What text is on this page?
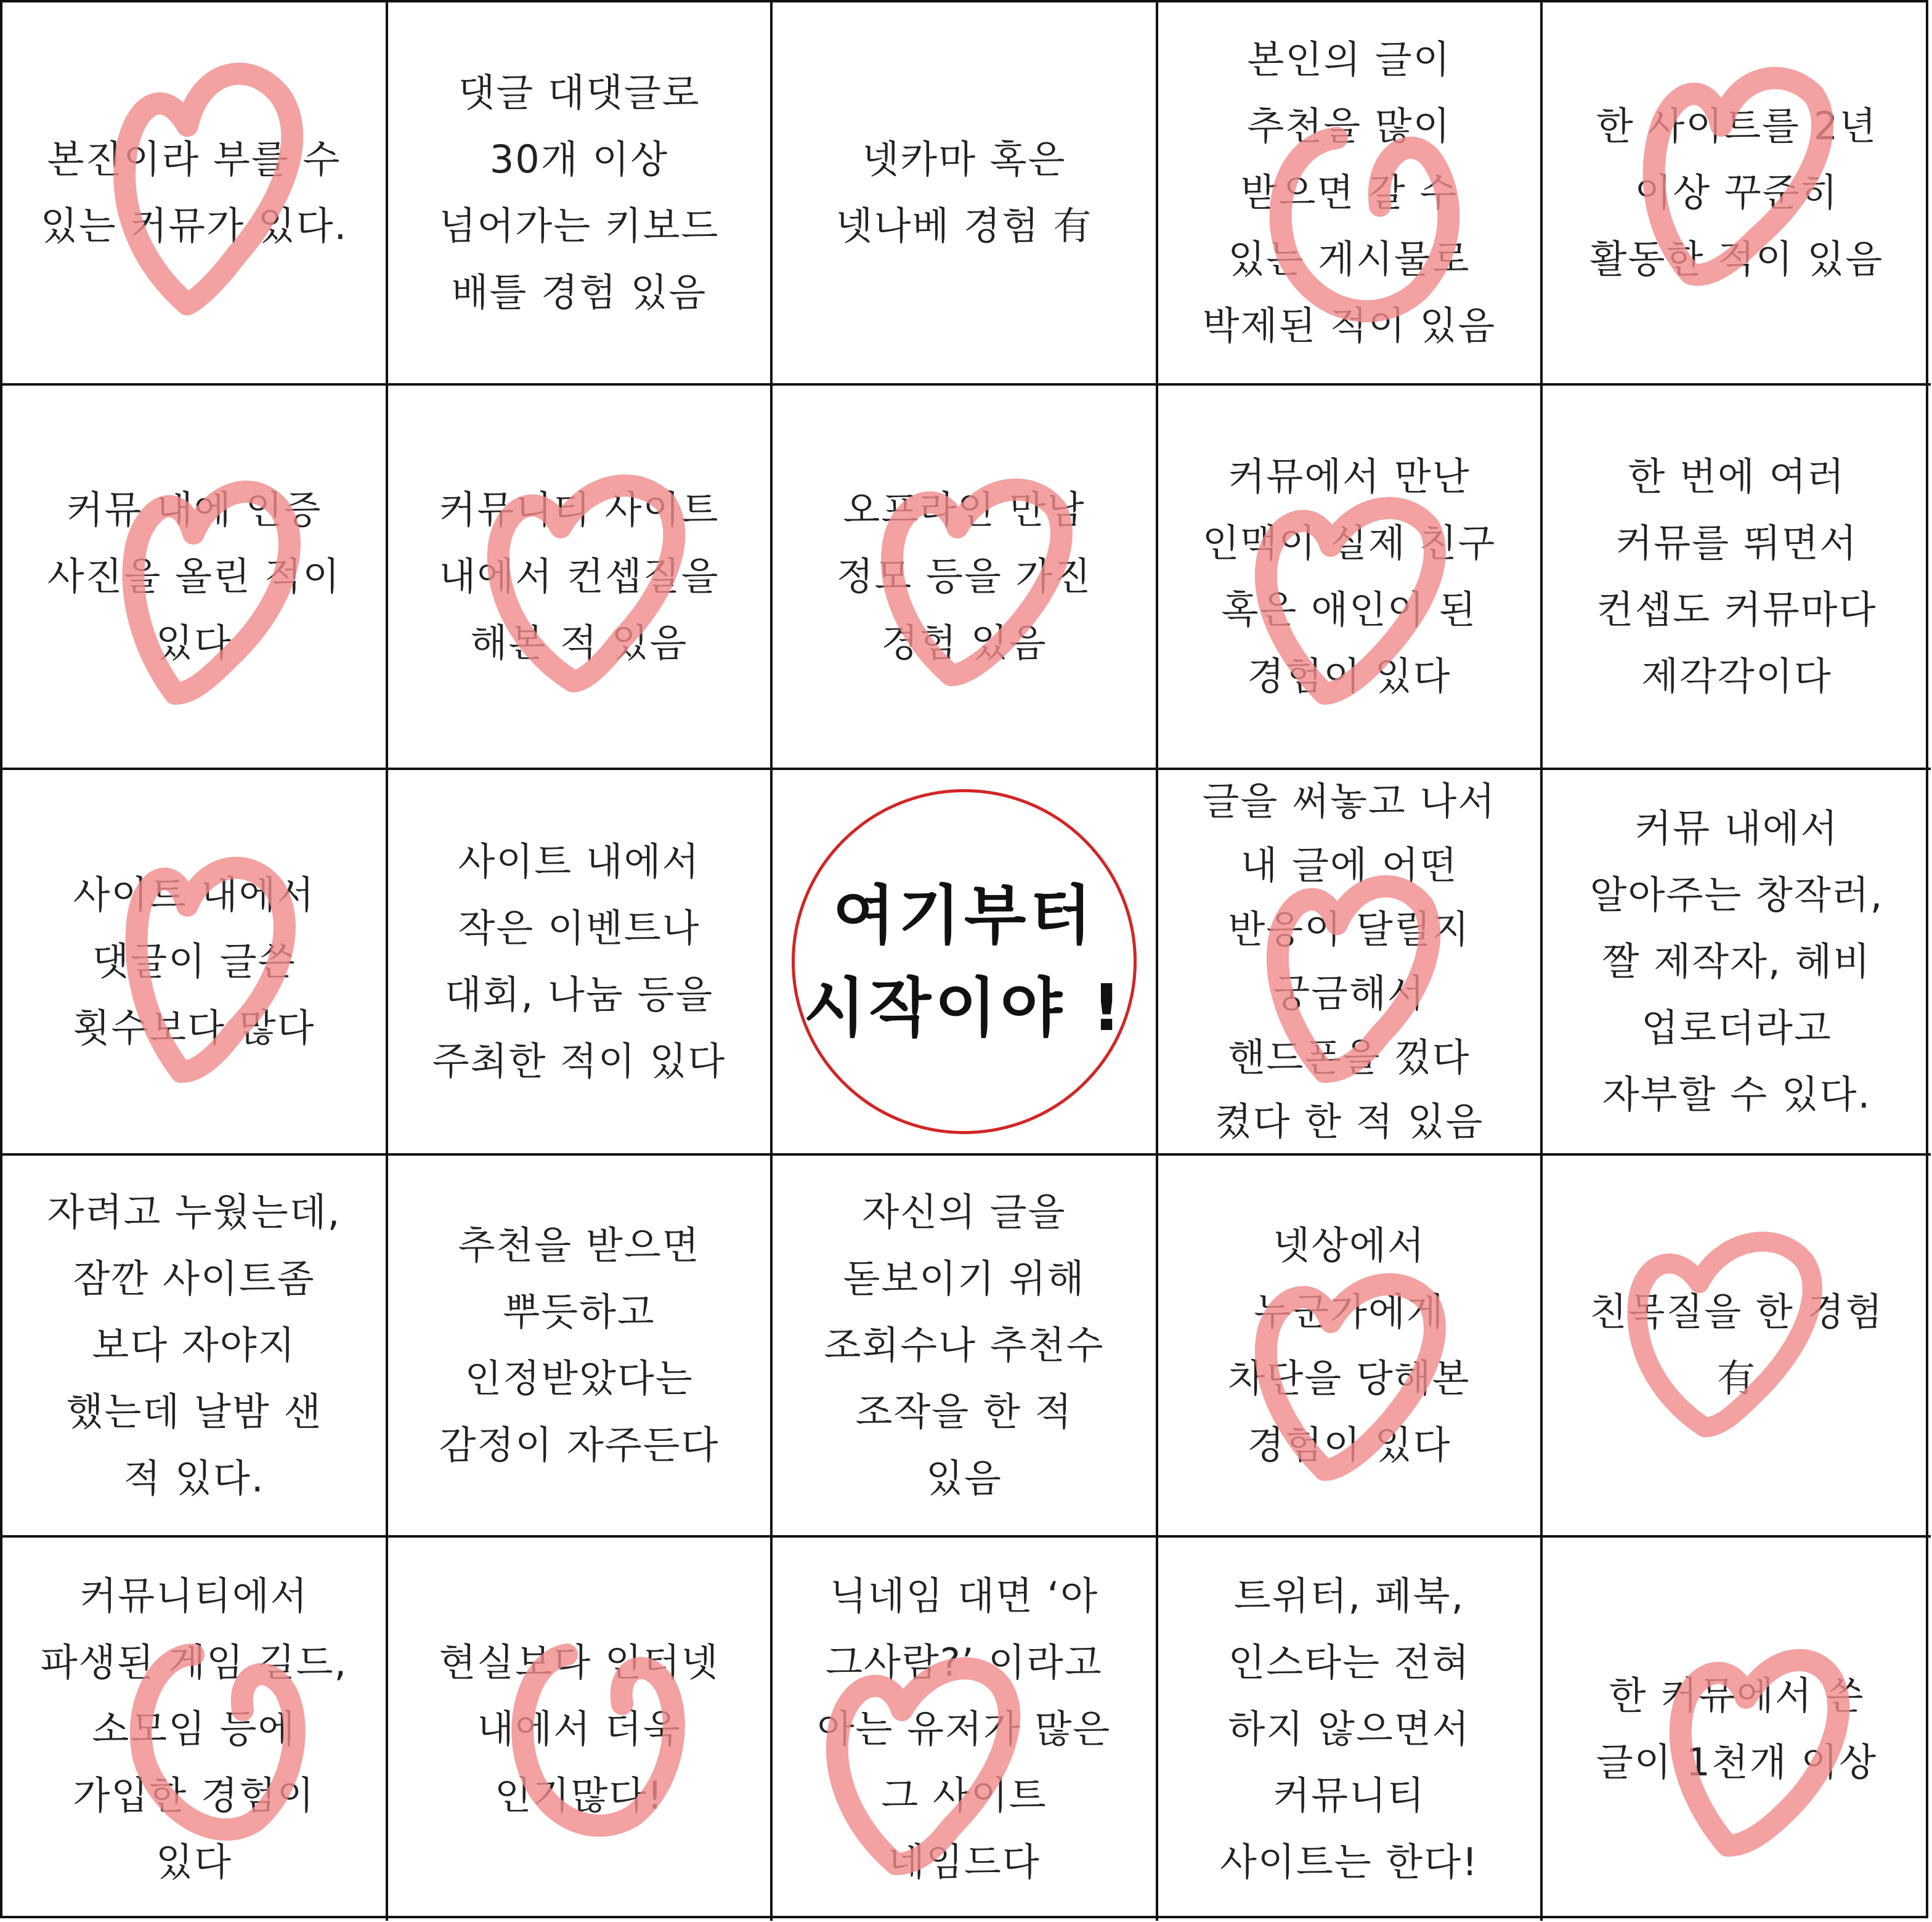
본진이라 부를 수
있는 커뮤가 있다.
댓글 대댓글로
30개 이상
넘어가는 키보드
배틀 경험 있음
넷카마 혹은
넷나베 경험 有
본인의 글이
추천을 많이
받으면 갈 수
있는 게시물로
박제된 적이 있음
한 사이트를 2년
이상 꾸준히
활동한 적이 있음
커뮤 내에 인증
사진을 올린 적이
있다
커뮤니티 사이트
내에서 컨셉질을
해본 적 있음
오프라인 만남
정모 등을 가진
경험 있음
커뮤에서 만난
인맥이 실제 친구
혹은 애인이 된
경험이 있다
한 번에 여러
커뮤를 뛰면서
컨셉도 커뮤마다
제각각이다
사이트 내에서
댓글이 글쓴
횟수보다 많다
사이트 내에서
작은 이벤트나
대회, 나눔 등을
주최한 적이 있다
여기부터
시작이야 !
글을 써놓고 나서
내 글에 어떤
반응이 달릴지
궁금해서
핸드폰을 껐다
켰다 한 적 있음
커뮤 내에서
알아주는 창작러,
짤 제작자, 헤비
업로더라고
자부할 수 있다.
자려고 누웠는데,
잠깐 사이트좀
보다 자야지
했는데 날밤 샌
적 있다.
추천을 받으면
뿌듯하고
인정받았다는
감정이 자주든다
자신의 글을
돋보이기 위해
조회수나 추천수
조작을 한 적
있음
넷상에서
누군가에게
차단을 당해본
경험이 있다
친목질을 한 경험
有
커뮤니티에서
파생된 게임 길드,
소모임 등에
가입한 경험이
있다
현실보다 인터넷
내에서 더욱
인기많다!
닉네임 대면 ‘아
그사람?’ 이라고
아는 유저가 많은
그 사이트
네임드다
트위터, 페북,
인스타는 전혀
하지 않으면서
커뮤니티
사이트는 한다!
한 커뮤에서 쓴
글이 1천개 이상
